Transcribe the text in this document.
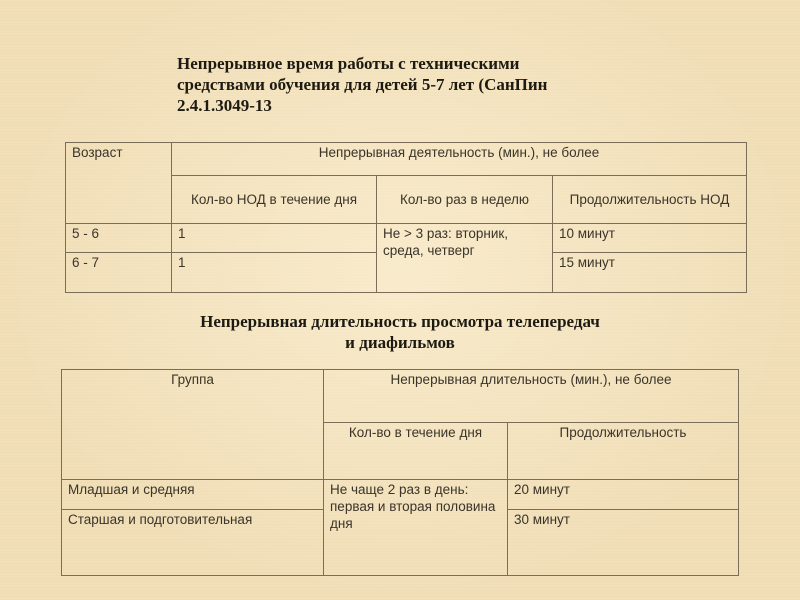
Непрерывное время работы с техническими средствами обучения для детей 5-7 лет (СанПин 2.4.1.3049-13
Возраст	Непрерывная деятельность (мин.), не более		
	Кол-во НОД в течение дня	Кол-во раз в неделю	Продолжительность НОД
5 - 6	1	Не > 3 раз: вторник, среда, четверг	10 минут
6 - 7	1		15 минут
Непрерывная длительность просмотра телепередач и диафильмов
Группа	Непрерывная длительность (мин.), не более	
	Кол-во в течение дня	Продолжительность
Младшая и средняя	Не чаще 2 раз в день: первая и вторая половина дня	20 минут
Старшая и подготовительная		30 минут
